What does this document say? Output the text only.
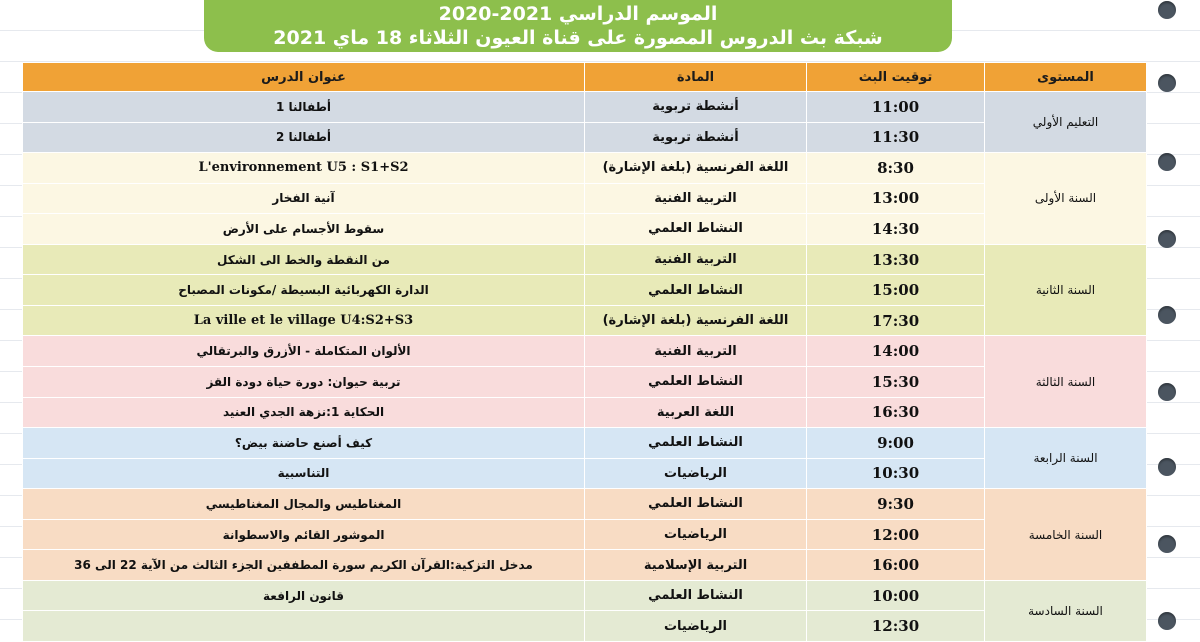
الموسم الدراسي 2021-2020
شبكة بث الدروس المصورة على قناة العيون الثلاثاء 18 ماي 2021
المستوى	توقيت البث	المادة	عنوان الدرس
التعليم الأولي	11:00	أنشطة تربوية	أطفالنا 1
	11:30	أنشطة تربوية	أطفالنا 2
السنة الأولى	8:30	اللغة الفرنسية (بلغة الإشارة)	L'environnement U5 : S1+S2
	13:00	التربية الفنية	آنية الفخار
	14:30	النشاط العلمي	سقوط الأجسام على الأرض
السنة الثانية	13:30	التربية الفنية	من النقطة والخط الى الشكل
	15:00	النشاط العلمي	الدارة الكهربائية البسيطة /مكونات المصباح
	17:30	اللغة الفرنسية (بلغة الإشارة)	La ville et le village U4:S2+S3
السنة الثالثة	14:00	التربية الفنية	الألوان المتكاملة - الأزرق والبرتقالي
	15:30	النشاط العلمي	تربية حيوان: دورة حياة دودة القز
	16:30	اللغة العربية	الحكاية 1:نزهة الجدي العنيد
السنة الرابعة	9:00	النشاط العلمي	كيف أصنع حاضنة بيض؟
	10:30	الرياضيات	التناسبية
السنة الخامسة	9:30	النشاط العلمي	المغناطيس والمجال المغناطيسي
	12:00	الرياضيات	الموشور القائم والاسطوانة
	16:00	التربية الإسلامية	مدخل التزكية:القرآن الكريم سورة المطففين الجزء الثالث من الآية 22 الى 36
السنة السادسة	10:00	النشاط العلمي	قانون الرافعة
	12:30	الرياضيات	
